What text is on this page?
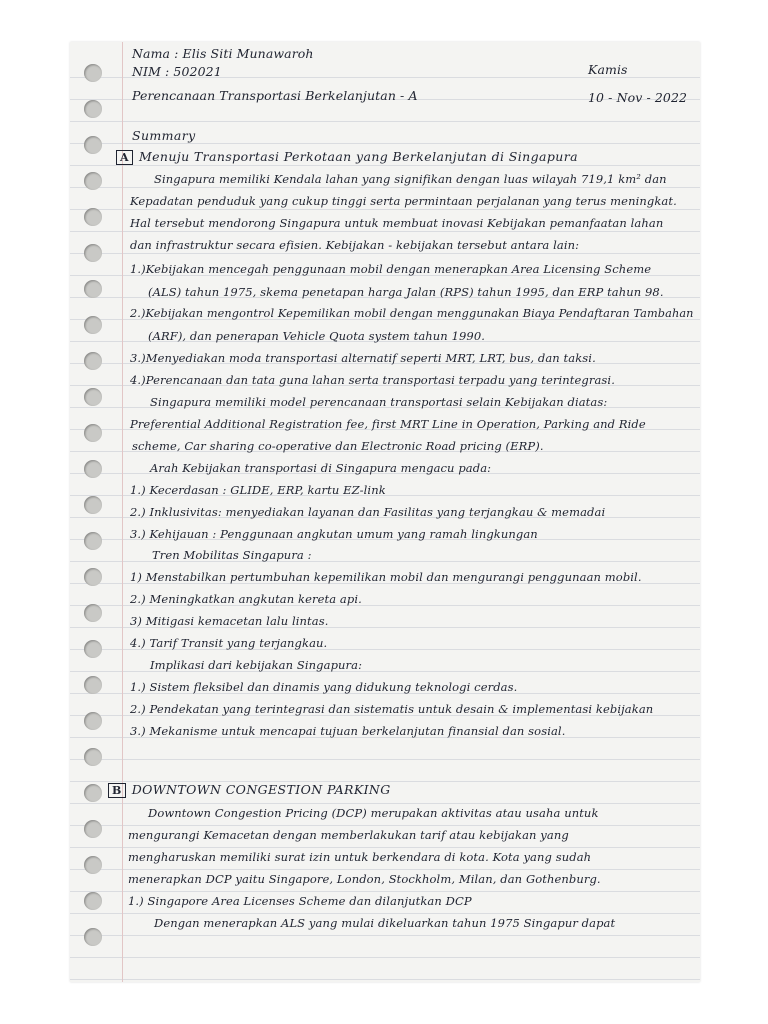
Nama : Elis Siti Munawaroh
NIM : 502021
Perencanaan Transportasi Berkelanjutan - A
Kamis
10 - Nov - 2022
Summary
A Menuju Transportasi Perkotaan yang Berkelanjutan di Singapura
Singapura memiliki Kendala lahan yang signifikan dengan luas wilayah 719,1 km² dan
Kepadatan penduduk yang cukup tinggi serta permintaan perjalanan yang terus meningkat.
Hal tersebut mendorong Singapura untuk membuat inovasi Kebijakan pemanfaatan lahan
dan infrastruktur secara efisien. Kebijakan - kebijakan tersebut antara lain:
1.)Kebijakan mencegah penggunaan mobil dengan menerapkan Area Licensing Scheme
(ALS) tahun 1975, skema penetapan harga Jalan (RPS) tahun 1995, dan ERP tahun 98.
2.)Kebijakan mengontrol Kepemilikan mobil dengan menggunakan Biaya Pendaftaran Tambahan
(ARF), dan penerapan Vehicle Quota system tahun 1990.
3.)Menyediakan moda transportasi alternatif seperti MRT, LRT, bus, dan taksi.
4.)Perencanaan dan tata guna lahan serta transportasi terpadu yang terintegrasi.
Singapura memiliki model perencanaan transportasi selain Kebijakan diatas:
Preferential Additional Registration fee, first MRT Line in Operation, Parking and Ride
scheme, Car sharing co-operative dan Electronic Road pricing (ERP).
Arah Kebijakan transportasi di Singapura mengacu pada:
1.) Kecerdasan : GLIDE, ERP, kartu EZ-link
2.) Inklusivitas: menyediakan layanan dan Fasilitas yang terjangkau & memadai
3.) Kehijauan : Penggunaan angkutan umum yang ramah lingkungan
Tren Mobilitas Singapura :
1) Menstabilkan pertumbuhan kepemilikan mobil dan mengurangi penggunaan mobil.
2.) Meningkatkan angkutan kereta api.
3) Mitigasi kemacetan lalu lintas.
4.) Tarif Transit yang terjangkau.
Implikasi dari kebijakan Singapura:
1.) Sistem fleksibel dan dinamis yang didukung teknologi cerdas.
2.) Pendekatan yang terintegrasi dan sistematis untuk desain & implementasi kebijakan
3.) Mekanisme untuk mencapai tujuan berkelanjutan finansial dan sosial.
B DOWNTOWN CONGESTION PARKING
Downtown Congestion Pricing (DCP) merupakan aktivitas atau usaha untuk
mengurangi Kemacetan dengan memberlakukan tarif atau kebijakan yang
mengharuskan memiliki surat izin untuk berkendara di kota. Kota yang sudah
menerapkan DCP yaitu Singapore, London, Stockholm, Milan, dan Gothenburg.
1.) Singapore Area Licenses Scheme dan dilanjutkan DCP
Dengan menerapkan ALS yang mulai dikeluarkan tahun 1975 Singapur dapat
